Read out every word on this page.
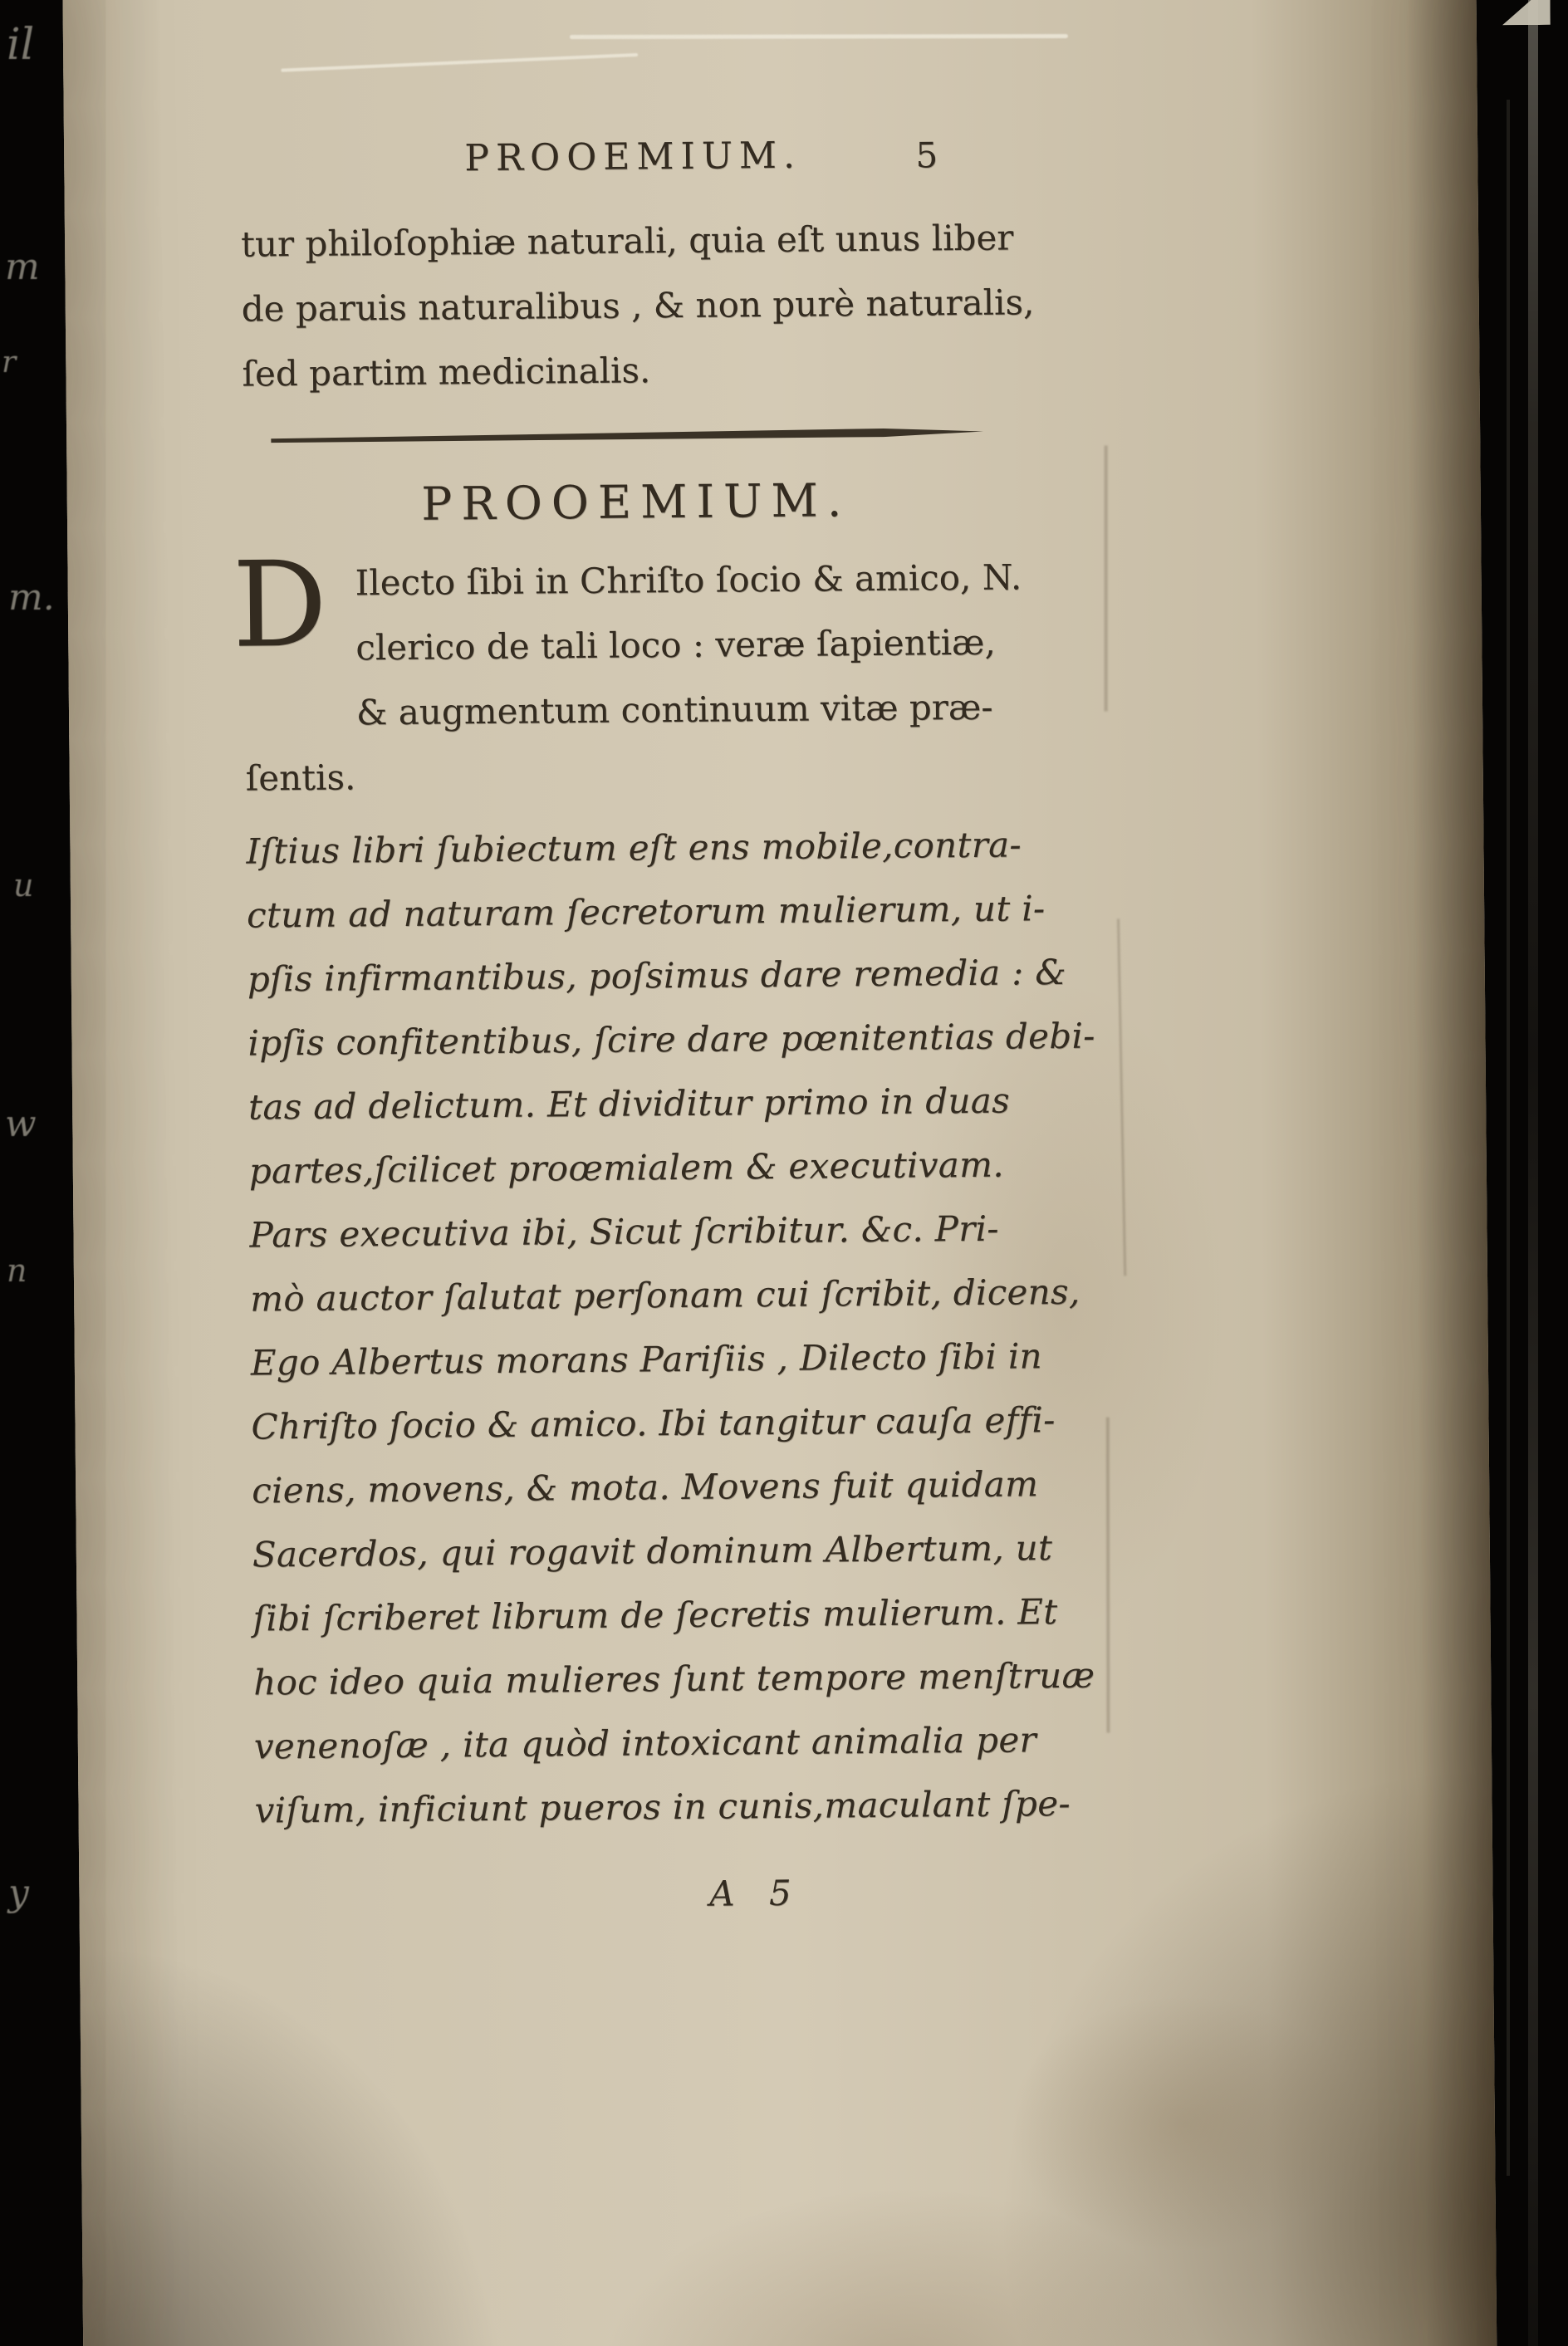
PROOEMIUM.	5
tur philoſophiæ naturali, quia eſt unus liber
de paruis naturalibus , & non purè naturalis,
ſed partim medicinalis.
PROOEMIUM.
D Ilecto ſibi in Chriſto ſocio & amico, N.
clerico de tali loco : veræ ſapientiæ,
& augmentum continuum vitæ præ-
ſentis.
Iſtius libri ſubiectum eſt ens mobile,contra-
ctum ad naturam ſecretorum mulierum, ut i-
pſis infirmantibus, poſsimus dare remedia : &
ipſis confitentibus, ſcire dare pœnitentias debi-
tas ad delictum. Et dividitur primo in duas
partes,ſcilicet proœmialem & executivam.
Pars executiva ibi, Sicut ſcribitur. &c. Pri-
mò auctor ſalutat perſonam cui ſcribit, dicens,
Ego Albertus morans Pariſiis , Dilecto ſibi in
Chriſto ſocio & amico. Ibi tangitur cauſa effi-
ciens, movens, & mota. Movens fuit quidam
Sacerdos, qui rogavit dominum Albertum, ut
ſibi ſcriberet librum de ſecretis mulierum. Et
hoc ideo quia mulieres ſunt tempore menſtruæ
venenoſæ , ita quòd intoxicant animalia per
viſum, inficiunt pueros in cunis,maculant ſpe-
A 5
il
m
r
m.
u
w
n
y
